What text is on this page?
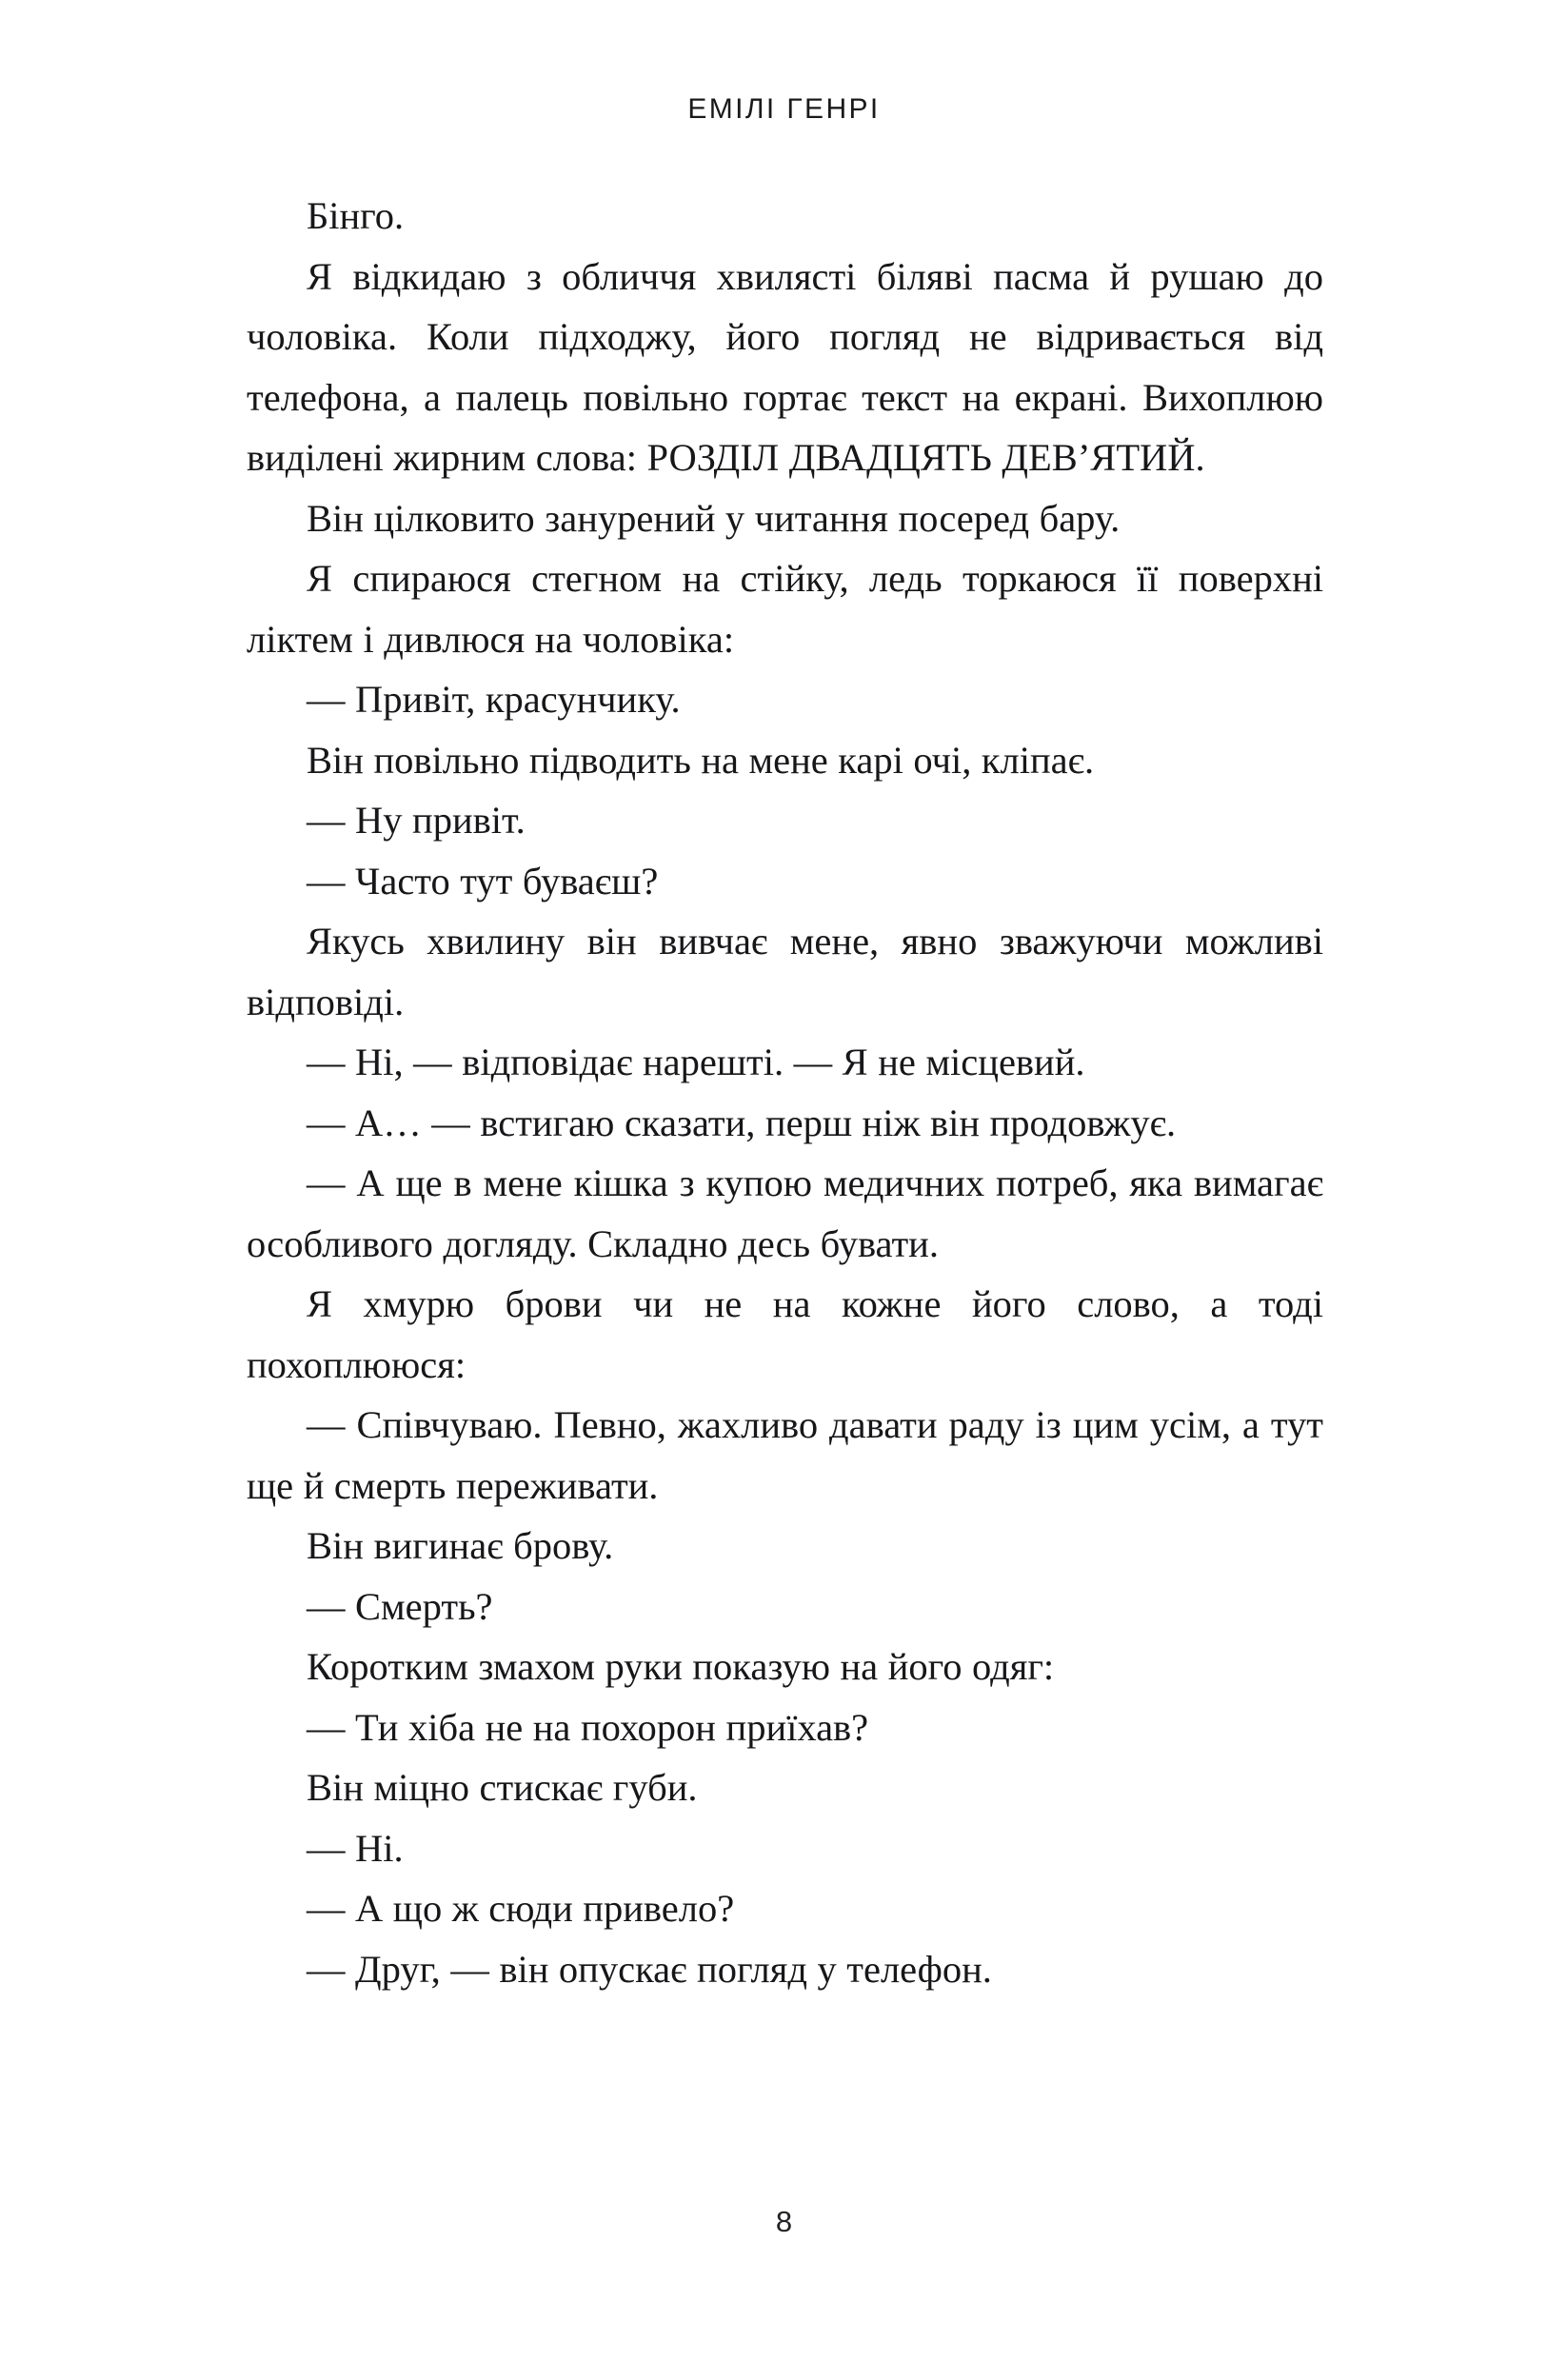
ЕМІЛІ ГЕНРІ

Бінго.

Я відкидаю з обличчя хвилясті біляві пасма й рушаю до чоловіка. Коли підходжу, його погляд не відривається від телефона, а палець повільно гортає текст на екрані. Вихоплюю виділені жирним слова: РОЗДІЛ ДВАДЦЯТЬ ДЕВ’ЯТИЙ.

Він цілковито занурений у читання посеред бару.

Я спираюся стегном на стійку, ледь торкаюся її поверхні ліктем і дивлюся на чоловіка:

— Привіт, красунчику.

Він повільно підводить на мене карі очі, кліпає.

— Ну привіт.

— Часто тут буваєш?

Якусь хвилину він вивчає мене, явно зважуючи можливі відповіді.

— Ні, — відповідає нарешті. — Я не місцевий.

— А… — встигаю сказати, перш ніж він продовжує.

— А ще в мене кішка з купою медичних потреб, яка вимагає особливого догляду. Складно десь бувати.

Я хмурю брови чи не на кожне його слово, а тоді похоплююся:

— Співчуваю. Певно, жахливо давати раду із цим усім, а тут ще й смерть переживати.

Він вигинає брову.

— Смерть?

Коротким змахом руки показую на його одяг:

— Ти хіба не на похорон приїхав?

Він міцно стискає губи.

— Ні.

— А що ж сюди привело?

— Друг, — він опускає погляд у телефон.

8
